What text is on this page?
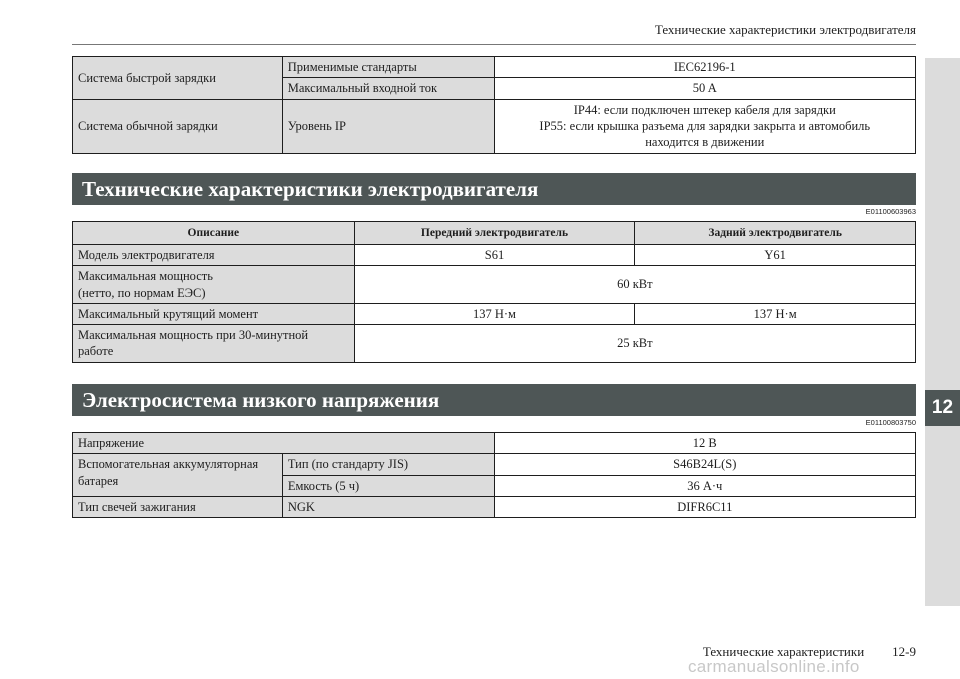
Технические характеристики электродвигателя
12
Система быстрой зарядки	Применимые стандарты	IEC62196-1
	Максимальный входной ток	50 A
Система обычной зарядки	Уровень IP	IP44: если подключен штекер кабеля для зарядки
IP55: если крышка разъема для зарядки закрыта и автомобиль
находится в движении
Технические характеристики электродвигателя
E01100603963
Описание	Передний электродвигатель	Задний электродвигатель
Модель электродвигателя	S61	Y61

Максимальная мощность
(нетто, по нормам ЕЭС)	60 кВт	
Максимальный крутящий момент	137 Н·м	137 Н·м

Максимальная мощность при 30-минутной
работе	25 кВт	
Электросистема низкого напряжения
E01100803750
Напряжение		12 В

Вспомогательная аккумуляторная
батарея	Тип (по стандарту JIS)	S46B24L(S)
	Емкость (5 ч)	36 А·ч
Тип свечей зажигания	NGK	DIFR6C11
Технические характеристики 12-9
carmanualsonline.info
